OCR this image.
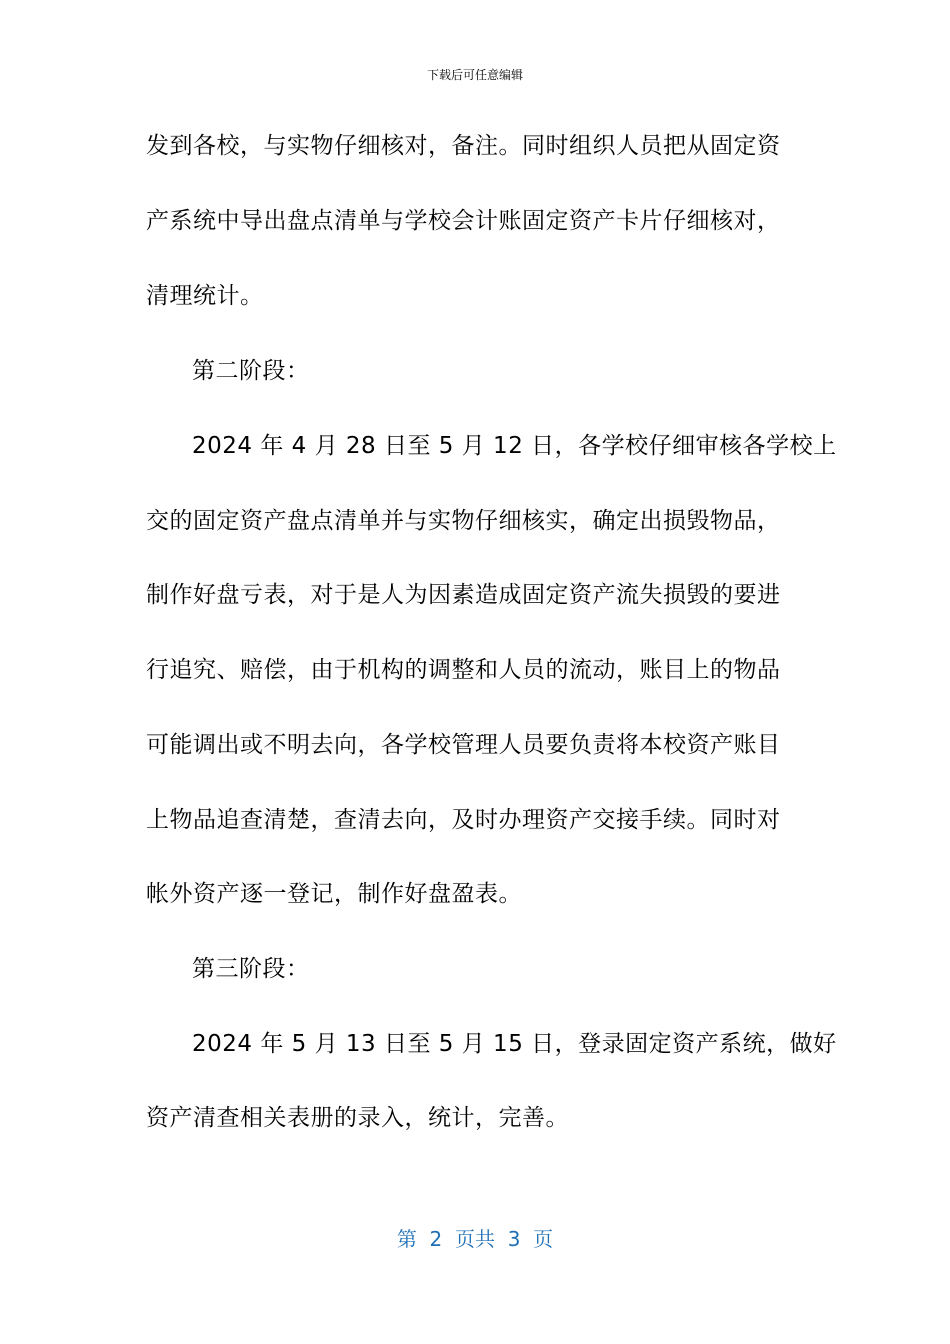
下载后可任意编辑
发到各校，与实物仔细核对，备注。同时组织人员把从固定资
产系统中导出盘点清单与学校会计账固定资产卡片仔细核对，
清理统计。
第二阶段：
2024 年 4 月 28 日至 5 月 12 日，各学校仔细审核各学校上
交的固定资产盘点清单并与实物仔细核实，确定出损毁物品，
制作好盘亏表，对于是人为因素造成固定资产流失损毁的要进
行追究、赔偿，由于机构的调整和人员的流动，账目上的物品
可能调出或不明去向，各学校管理人员要负责将本校资产账目
上物品追查清楚，查清去向，及时办理资产交接手续。同时对
帐外资产逐一登记，制作好盘盈表。
第三阶段：
2024 年 5 月 13 日至 5 月 15 日，登录固定资产系统，做好
资产清查相关表册的录入，统计，完善。
第  2  页共  3  页
